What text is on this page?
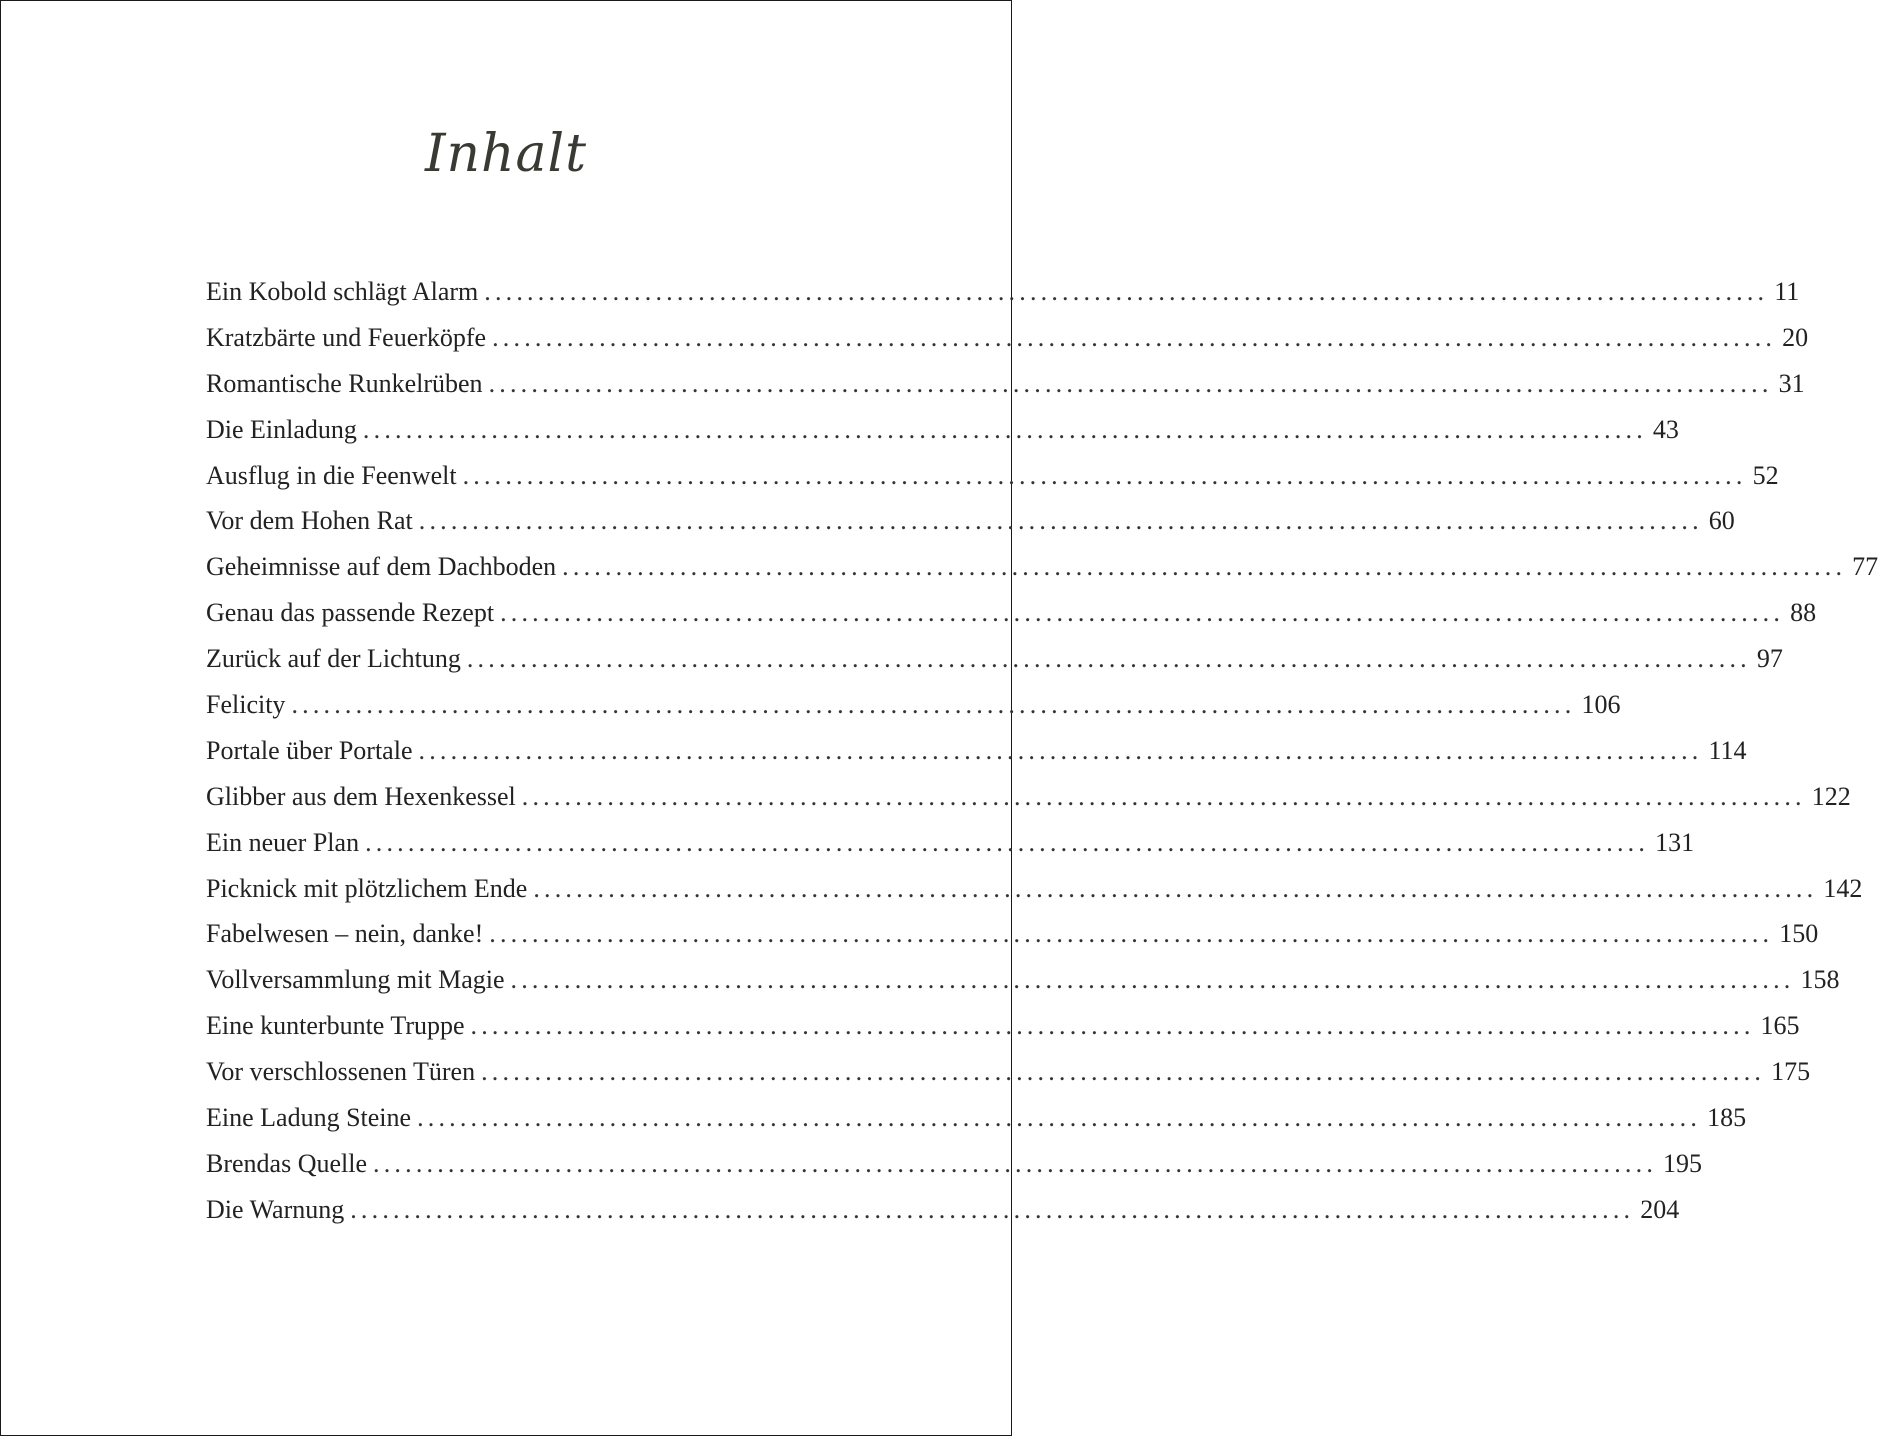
Inhalt
Ein Kobold schlägt Alarm ........................................................................................................................ 11
Kratzbärte und Feuerköpfe ........................................................................................................................ 20
Romantische Runkelrüben ........................................................................................................................ 31
Die Einladung ........................................................................................................................ 43
Ausflug in die Feenwelt ........................................................................................................................ 52
Vor dem Hohen Rat ........................................................................................................................ 60
Geheimnisse auf dem Dachboden ........................................................................................................................ 77
Genau das passende Rezept ........................................................................................................................ 88
Zurück auf der Lichtung ........................................................................................................................ 97
Felicity ........................................................................................................................ 106
Portale über Portale ........................................................................................................................ 114
Glibber aus dem Hexenkessel ........................................................................................................................ 122
Ein neuer Plan ........................................................................................................................ 131
Picknick mit plötzlichem Ende ........................................................................................................................ 142
Fabelwesen – nein, danke! ........................................................................................................................ 150
Vollversammlung mit Magie ........................................................................................................................ 158
Eine kunterbunte Truppe ........................................................................................................................ 165
Vor verschlossenen Türen ........................................................................................................................ 175
Eine Ladung Steine ........................................................................................................................ 185
Brendas Quelle ........................................................................................................................ 195
Die Warnung ........................................................................................................................ 204
